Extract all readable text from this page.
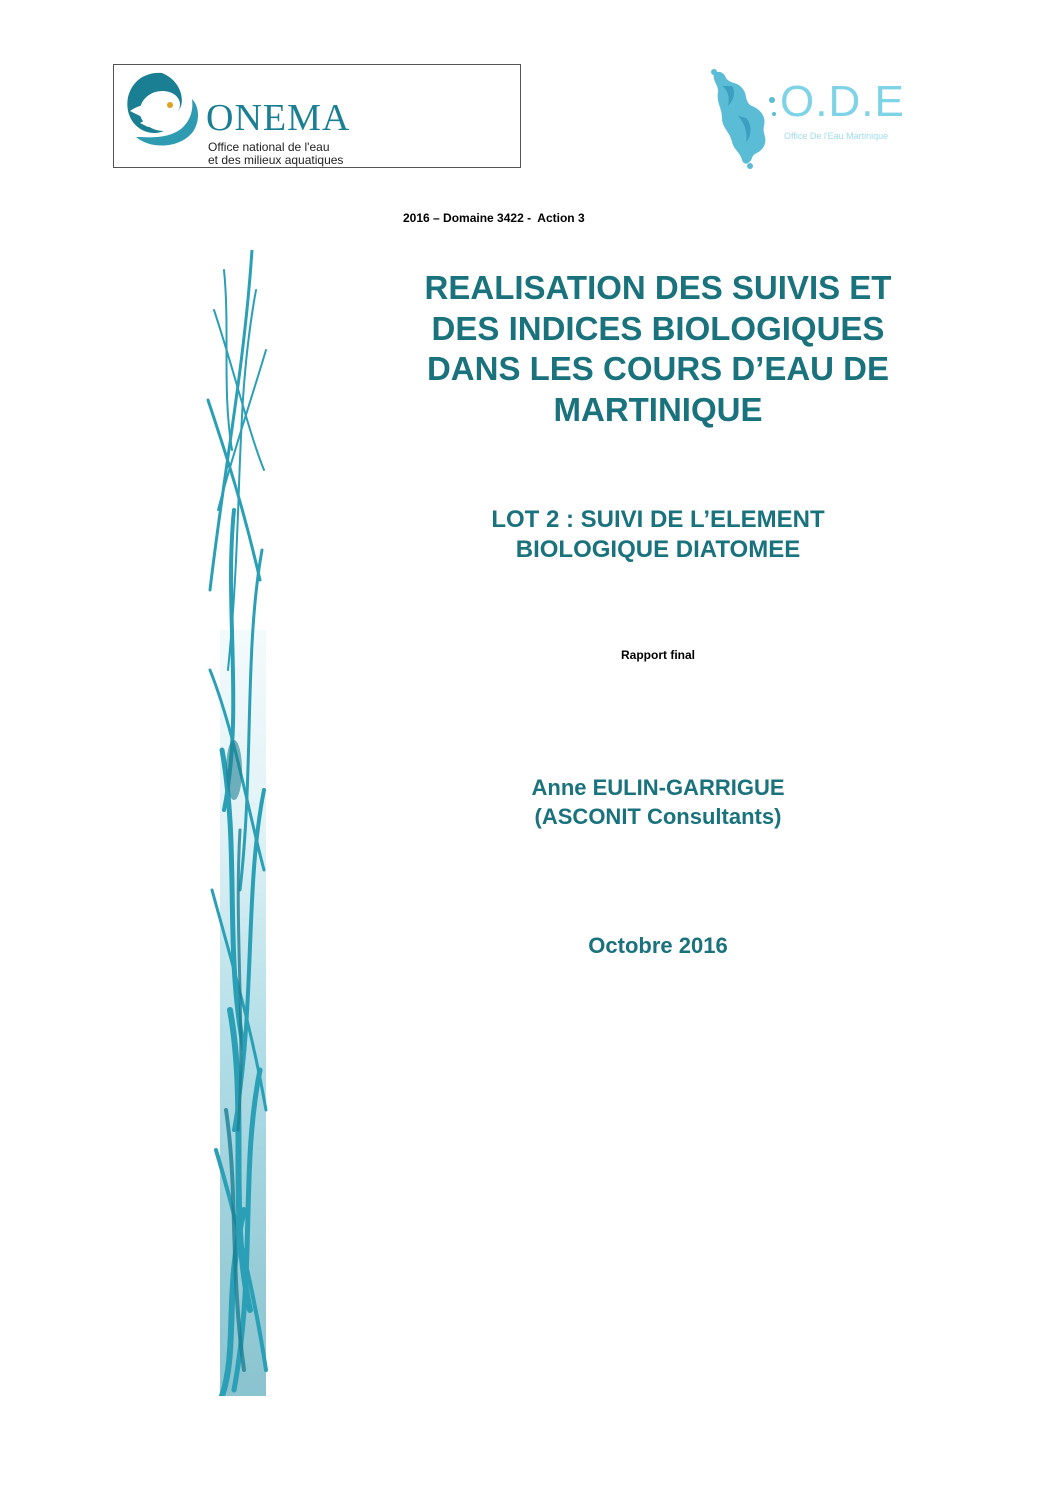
ONEMA
Office national de l'eau
et des milieux aquatiques
O.D.E
Office De l'Eau Martinique
2016 – Domaine 3422 -  Action 3
REALISATION DES SUIVIS ET
DES INDICES BIOLOGIQUES
DANS LES COURS D’EAU DE
MARTINIQUE
LOT 2 : SUIVI DE L’ELEMENT
BIOLOGIQUE DIATOMEE
Rapport final
Anne EULIN-GARRIGUE
(ASCONIT Consultants)
Octobre 2016
